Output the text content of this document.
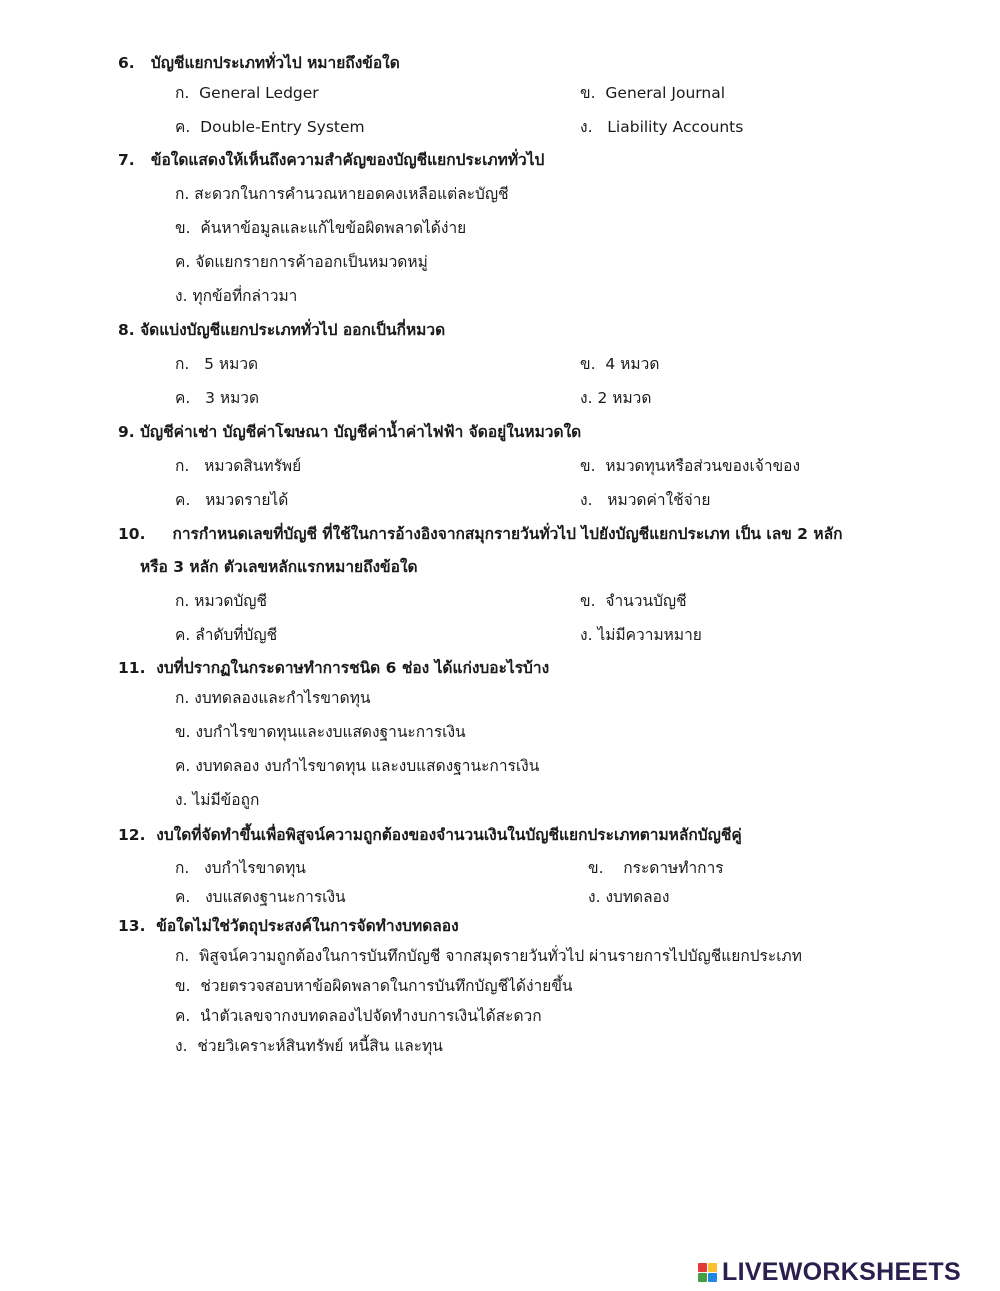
6. บัญชีแยกประเภททั่วไป หมายถึงข้อใด
ก. General Ledger	ข. General Journal
ค. Double-Entry System	ง.   Liability Accounts
7. ข้อใดแสดงให้เห็นถึงความสำคัญของบัญชีแยกประเภททั่วไป
ก. สะดวกในการคำนวณหายอดคงเหลือแต่ละบัญชี
ข. ค้นหาข้อมูลและแก้ไขข้อผิดพลาดได้ง่าย
ค. จัดแยกรายการค้าออกเป็นหมวดหมู่
ง. ทุกข้อที่กล่าวมา
8. จัดแบ่งบัญชีแยกประเภททั่วไป ออกเป็นกี่หมวด
ก.   5 หมวด	ข. 4 หมวด
ค.   3 หมวด	ง. 2 หมวด
9. บัญชีค่าเช่า บัญชีค่าโฆษณา บัญชีค่าน้ำค่าไฟฟ้า จัดอยู่ในหมวดใด
ก.   หมวดสินทรัพย์	ข. หมวดทุนหรือส่วนของเจ้าของ
ค.   หมวดรายได้	ง.   หมวดค่าใช้จ่าย
10. การกำหนดเลขที่บัญชี ที่ใช้ในการอ้างอิงจากสมุกรายวันทั่วไป ไปยังบัญชีแยกประเภท เป็น เลข 2 หลัก
หรือ 3 หลัก ตัวเลขหลักแรกหมายถึงข้อใด
ก. หมวดบัญชี	ข. จำนวนบัญชี
ค. ลำดับที่บัญชี	ง. ไม่มีความหมาย
11. งบที่ปรากฏในกระดาษทำการชนิด 6 ช่อง ได้แก่งบอะไรบ้าง
ก. งบทดลองและกำไรขาดทุน
ข. งบกำไรขาดทุนและงบแสดงฐานะการเงิน
ค. งบทดลอง งบกำไรขาดทุน และงบแสดงฐานะการเงิน
ง. ไม่มีข้อถูก
12. งบใดที่จัดทำขึ้นเพื่อพิสูจน์ความถูกต้องของจำนวนเงินในบัญชีแยกประเภทตามหลักบัญชีคู่
ก.   งบกำไรขาดทุน	ข.    กระดาษทำการ
ค.   งบแสดงฐานะการเงิน	ง. งบทดลอง
13. ข้อใดไม่ใช่วัตถุประสงค์ในการจัดทำงบทดลอง
ก.  พิสูจน์ความถูกต้องในการบันทึกบัญชี จากสมุดรายวันทั่วไป ผ่านรายการไปบัญชีแยกประเภท
ข. ช่วยตรวจสอบหาข้อผิดพลาดในการบันทึกบัญชีได้ง่ายขึ้น
ค. นำตัวเลขจากงบทดลองไปจัดทำงบการเงินได้สะดวก
ง. ช่วยวิเคราะห์สินทรัพย์ หนี้สิน และทุน
LIVEWORKSHEETS
